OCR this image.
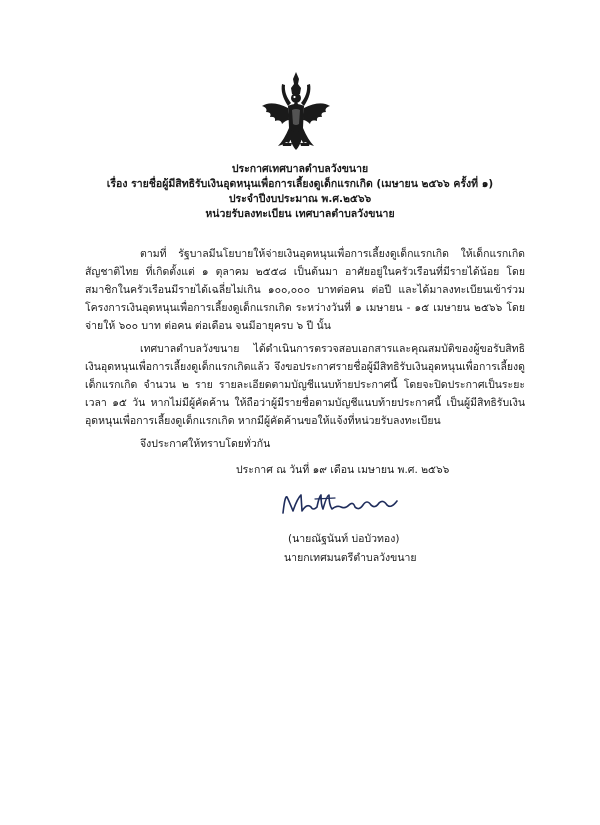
ประกาศเทศบาลตำบลวังขนาย
เรื่อง รายชื่อผู้มีสิทธิรับเงินอุดหนุนเพื่อการเลี้ยงดูเด็กแรกเกิด (เมษายน ๒๕๖๖ ครั้งที่ ๑)
ประจำปีงบประมาณ พ.ศ.๒๕๖๖
หน่วยรับลงทะเบียน เทศบาลตำบลวังขนาย
ตามที่ รัฐบาลมีนโยบายให้จ่ายเงินอุดหนุนเพื่อการเลี้ยงดูเด็กแรกเกิด ให้เด็กแรกเกิดสัญชาติไทย ที่เกิดตั้งแต่ ๑ ตุลาคม ๒๕๕๘ เป็นต้นมา อาศัยอยู่ในครัวเรือนที่มีรายได้น้อย โดยสมาชิกในครัวเรือนมีรายได้เฉลี่ยไม่เกิน ๑๐๐,๐๐๐ บาทต่อคน ต่อปี และได้มาลงทะเบียนเข้าร่วมโครงการเงินอุดหนุนเพื่อการเลี้ยงดูเด็กแรกเกิด ระหว่างวันที่ ๑ เมษายน - ๑๕ เมษายน ๒๕๖๖ โดยจ่ายให้ ๖๐๐ บาท ต่อคน ต่อเดือน จนมีอายุครบ ๖ ปี นั้น
เทศบาลตำบลวังขนาย ได้ดำเนินการตรวจสอบเอกสารและคุณสมบัติของผู้ขอรับสิทธิเงินอุดหนุนเพื่อการเลี้ยงดูเด็กแรกเกิดแล้ว จึงขอประกาศรายชื่อผู้มีสิทธิรับเงินอุดหนุนเพื่อการเลี้ยงดูเด็กแรกเกิด จำนวน ๒ ราย รายละเอียดตามบัญชีแนบท้ายประกาศนี้ โดยจะปิดประกาศเป็นระยะเวลา ๑๕ วัน หากไม่มีผู้คัดค้าน ให้ถือว่าผู้มีรายชื่อตามบัญชีแนบท้ายประกาศนี้ เป็นผู้มีสิทธิรับเงินอุดหนุนเพื่อการเลี้ยงดูเด็กแรกเกิด หากมีผู้คัดค้านขอให้แจ้งที่หน่วยรับลงทะเบียน
จึงประกาศให้ทราบโดยทั่วกัน
ประกาศ ณ วันที่ ๑๙ เดือน เมษายน พ.ศ. ๒๕๖๖
(นายณัฐนันท์ บ่อบัวทอง)
นายกเทศมนตรีตำบลวังขนาย
